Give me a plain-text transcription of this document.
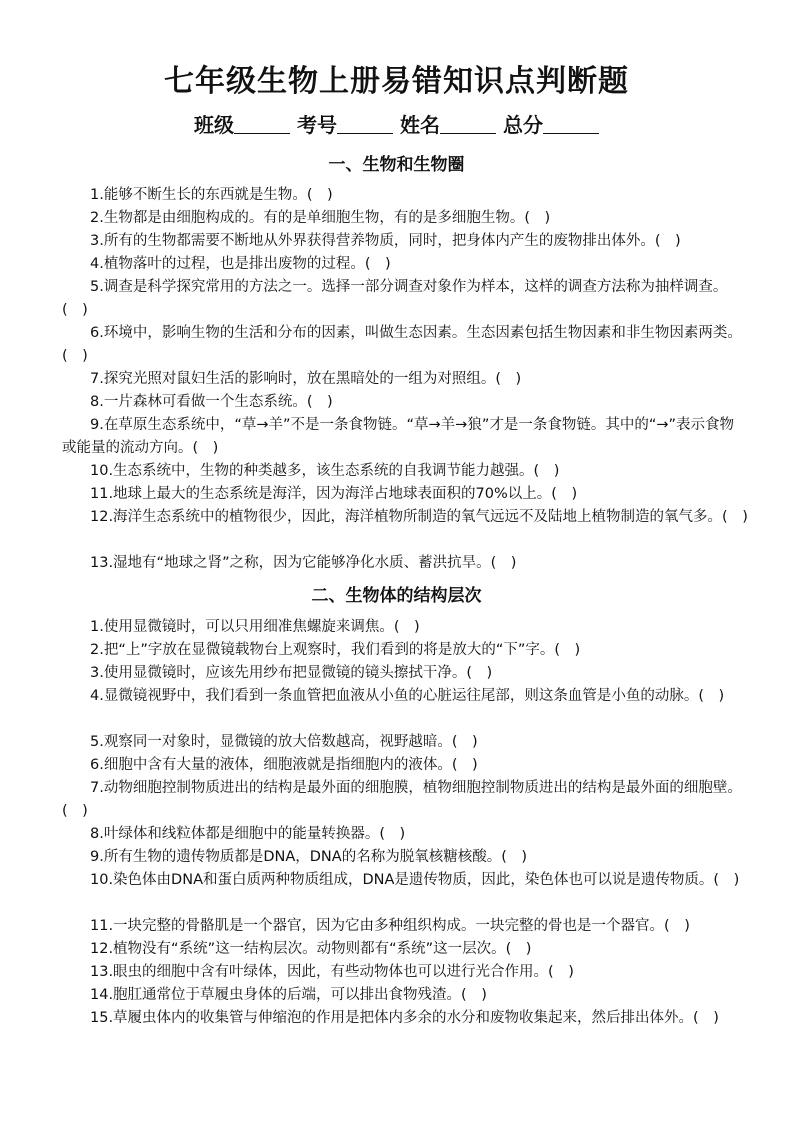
七年级生物上册易错知识点判断题
班级	考号	姓名	总分
一、生物和生物圈

1.能够不断生长的东西就是生物。(　)

2.生物都是由细胞构成的。有的是单细胞生物，有的是多细胞生物。(　)

3.所有的生物都需要不断地从外界获得营养物质，同时，把身体内产生的废物排出体外。(　)

4.植物落叶的过程，也是排出废物的过程。(　)

5.调查是科学探究常用的方法之一。选择一部分调查对象作为样本，这样的调查方法称为抽样调查。(　)

6.环境中，影响生物的生活和分布的因素，叫做生态因素。生态因素包括生物因素和非生物因素两类。(　)

7.探究光照对鼠妇生活的影响时，放在黑暗处的一组为对照组。(　)

8.一片森林可看做一个生态系统。(　)

9.在草原生态系统中，“草→羊”不是一条食物链。“草→羊→狼”才是一条食物链。其中的“→”表示食物或能量的流动方向。(　)

10.生态系统中，生物的种类越多，该生态系统的自我调节能力越强。(　)

11.地球上最大的生态系统是海洋，因为海洋占地球表面积的70%以上。(　)

12.海洋生态系统中的植物很少，因此，海洋植物所制造的氧气远远不及陆地上植物制造的氧气多。(　)

13.湿地有“地球之肾”之称，因为它能够净化水质、蓄洪抗旱。(　)

二、生物体的结构层次

1.使用显微镜时，可以只用细准焦螺旋来调焦。(　)

2.把“上”字放在显微镜载物台上观察时，我们看到的将是放大的“下”字。(　)

3.使用显微镜时，应该先用纱布把显微镜的镜头擦拭干净。(　)

4.显微镜视野中，我们看到一条血管把血液从小鱼的心脏运往尾部，则这条血管是小鱼的动脉。(　)

5.观察同一对象时，显微镜的放大倍数越高，视野越暗。(　)

6.细胞中含有大量的液体，细胞液就是指细胞内的液体。(　)

7.动物细胞控制物质进出的结构是最外面的细胞膜，植物细胞控制物质进出的结构是最外面的细胞壁。(　)

8.叶绿体和线粒体都是细胞中的能量转换器。(　)

9.所有生物的遗传物质都是DNA，DNA的名称为脱氧核糖核酸。(　)

10.染色体由DNA和蛋白质两种物质组成，DNA是遗传物质，因此，染色体也可以说是遗传物质。(　)

11.一块完整的骨骼肌是一个器官，因为它由多种组织构成。一块完整的骨也是一个器官。(　)

12.植物没有“系统”这一结构层次。动物则都有“系统”这一层次。(　)

13.眼虫的细胞中含有叶绿体，因此，有些动物体也可以进行光合作用。(　)

14.胞肛通常位于草履虫身体的后端，可以排出食物残渣。(　)

15.草履虫体内的收集管与伸缩泡的作用是把体内多余的水分和废物收集起来，然后排出体外。(　)
